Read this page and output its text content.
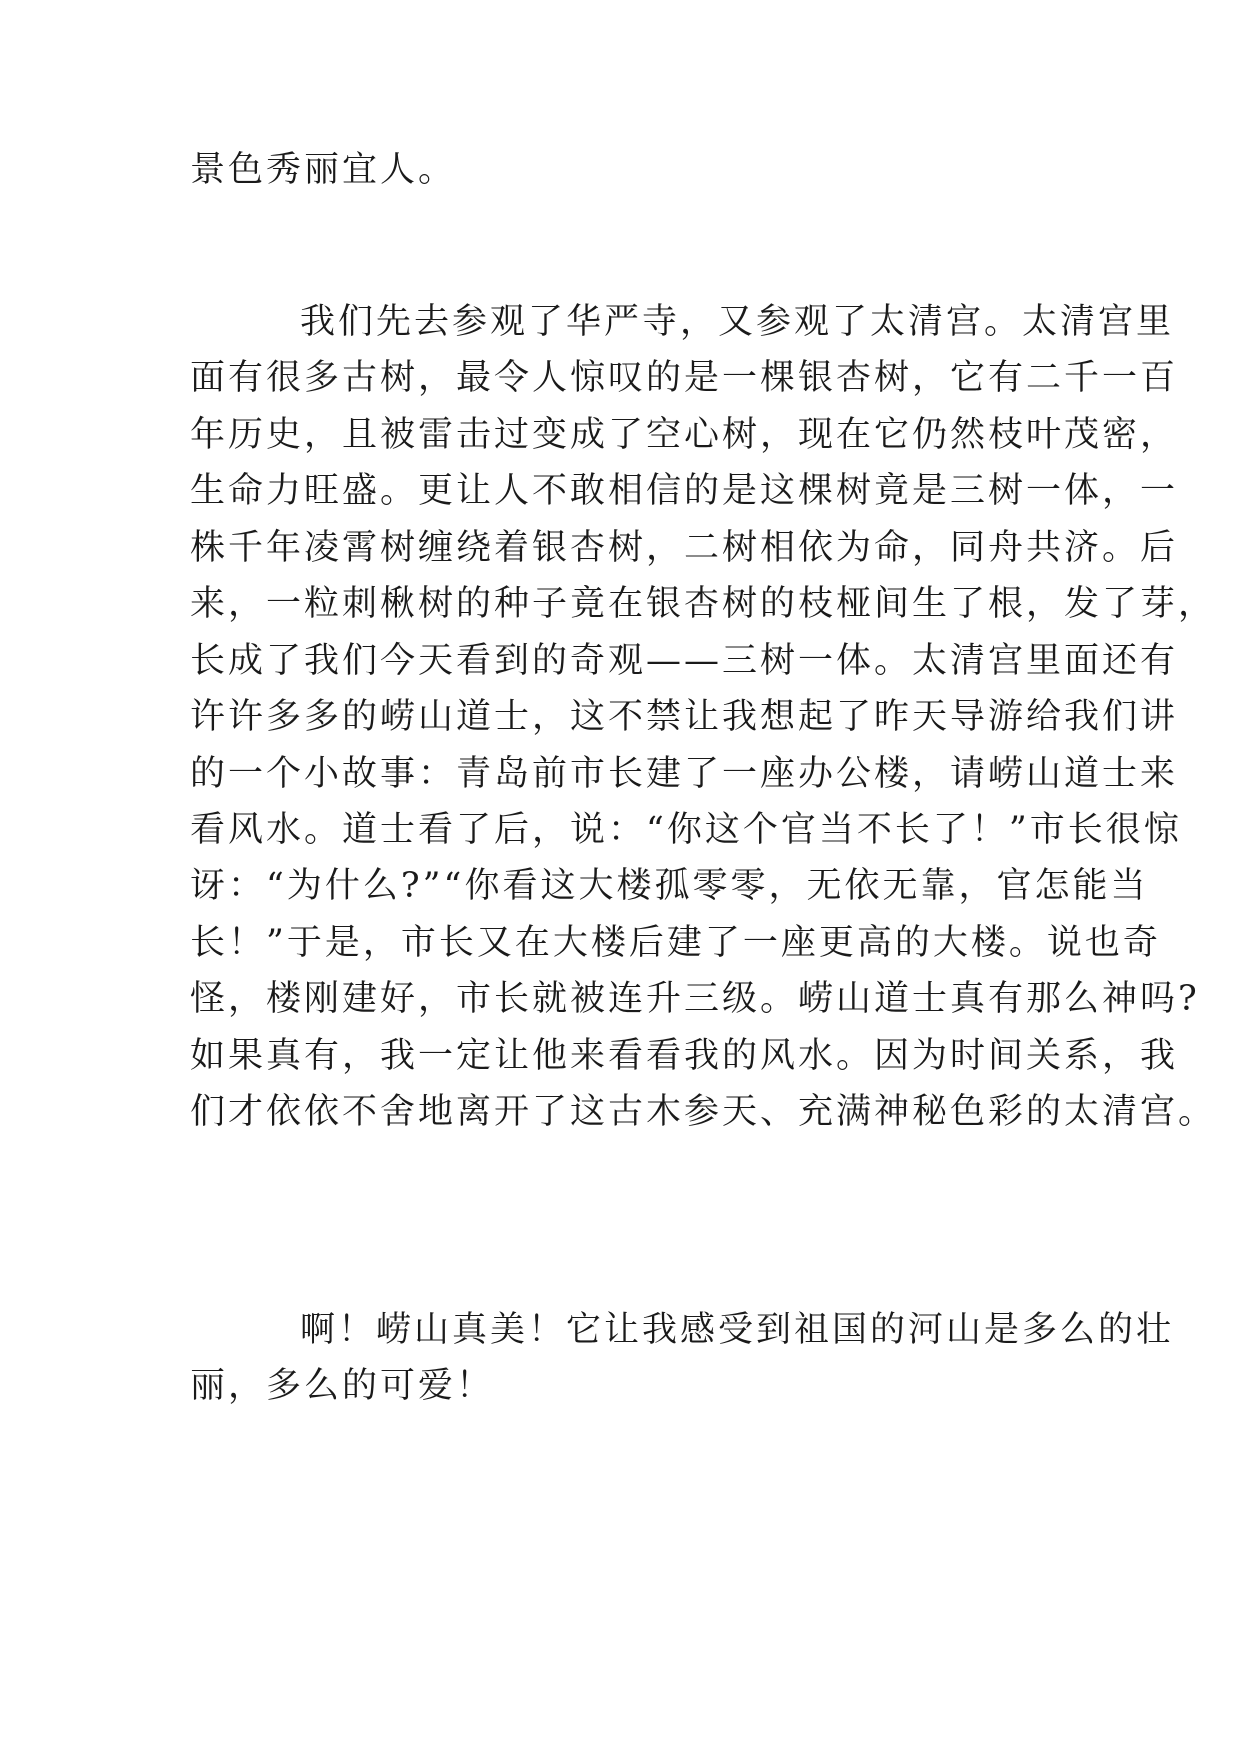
景色秀丽宜人。

我们先去参观了华严寺，又参观了太清宫。太清宫里

面有很多古树，最令人惊叹的是一棵银杏树，它有二千一百

年历史，且被雷击过变成了空心树，现在它仍然枝叶茂密，

生命力旺盛。更让人不敢相信的是这棵树竟是三树一体，一

株千年凌霄树缠绕着银杏树，二树相依为命，同舟共济。后

来，一粒刺楸树的种子竟在银杏树的枝桠间生了根，发了芽，

长成了我们今天看到的奇观——三树一体。太清宫里面还有

许许多多的崂山道士，这不禁让我想起了昨天导游给我们讲

的一个小故事：青岛前市长建了一座办公楼，请崂山道士来

看风水。道士看了后，说：“你这个官当不长了！”市长很惊

讶：“为什么?”“你看这大楼孤零零，无依无靠，官怎能当

长！”于是，市长又在大楼后建了一座更高的大楼。说也奇

怪，楼刚建好，市长就被连升三级。崂山道士真有那么神吗?

如果真有，我一定让他来看看我的风水。因为时间关系，我

们才依依不舍地离开了这古木参天、充满神秘色彩的太清宫。

啊！崂山真美！它让我感受到祖国的河山是多么的壮

丽，多么的可爱！
